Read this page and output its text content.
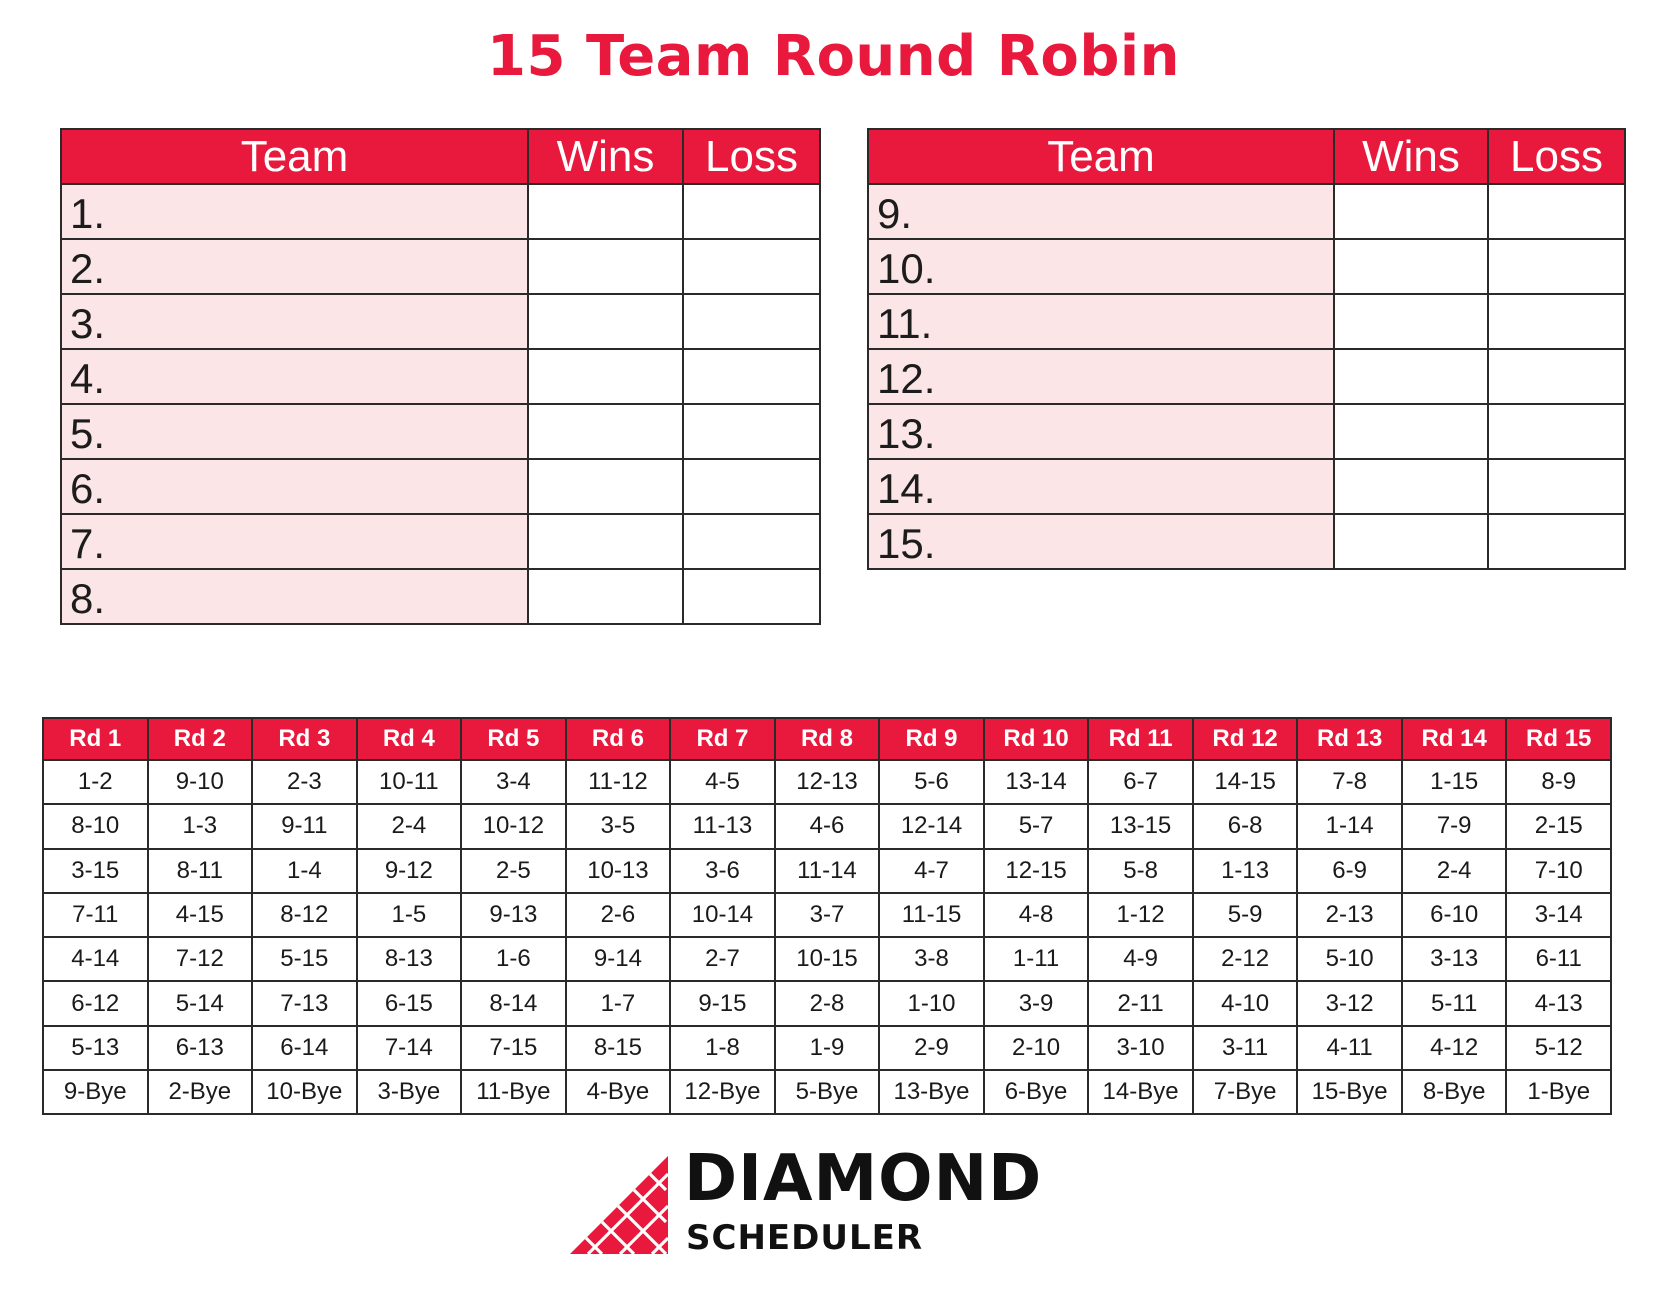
15 Team Round Robin
Team	Wins	Loss
1.		
2.		
3.		
4.		
5.		
6.		
7.		
8.		
Team	Wins	Loss
9.		
10.		
11.		
12.		
13.		
14.		
15.		
Rd 1	Rd 2	Rd 3	Rd 4	Rd 5	Rd 6	Rd 7	Rd 8	Rd 9	Rd 10	Rd 11	Rd 12	Rd 13	Rd 14	Rd 15
1-2	9-10	2-3	10-11	3-4	11-12	4-5	12-13	5-6	13-14	6-7	14-15	7-8	1-15	8-9
8-10	1-3	9-11	2-4	10-12	3-5	11-13	4-6	12-14	5-7	13-15	6-8	1-14	7-9	2-15
3-15	8-11	1-4	9-12	2-5	10-13	3-6	11-14	4-7	12-15	5-8	1-13	6-9	2-4	7-10
7-11	4-15	8-12	1-5	9-13	2-6	10-14	3-7	11-15	4-8	1-12	5-9	2-13	6-10	3-14
4-14	7-12	5-15	8-13	1-6	9-14	2-7	10-15	3-8	1-11	4-9	2-12	5-10	3-13	6-11
6-12	5-14	7-13	6-15	8-14	1-7	9-15	2-8	1-10	3-9	2-11	4-10	3-12	5-11	4-13
5-13	6-13	6-14	7-14	7-15	8-15	1-8	1-9	2-9	2-10	3-10	3-11	4-11	4-12	5-12
9-Bye	2-Bye	10-Bye	3-Bye	11-Bye	4-Bye	12-Bye	5-Bye	13-Bye	6-Bye	14-Bye	7-Bye	15-Bye	8-Bye	1-Bye
DIAMOND
SCHEDULER
